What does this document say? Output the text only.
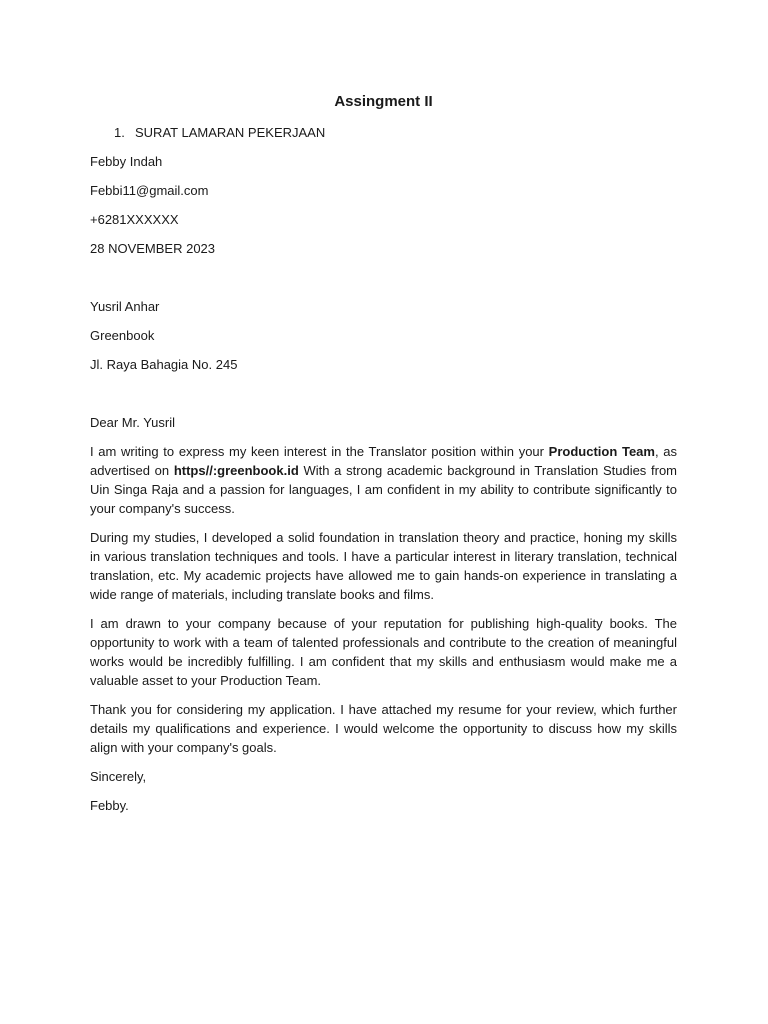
Assingment II
1. SURAT LAMARAN PEKERJAAN
Febby Indah
Febbi11@gmail.com
+6281XXXXXX
28 NOVEMBER 2023
Yusril Anhar
Greenbook
Jl. Raya Bahagia No. 245
Dear Mr. Yusril
I am writing to express my keen interest in the Translator position within your Production Team, as advertised on https//:greenbook.id With a strong academic background in Translation Studies from Uin Singa Raja and a passion for languages, I am confident in my ability to contribute significantly to your company's success.
During my studies, I developed a solid foundation in translation theory and practice, honing my skills in various translation techniques and tools. I have a particular interest in literary translation, technical translation, etc. My academic projects have allowed me to gain hands-on experience in translating a wide range of materials, including translate books and films.
I am drawn to your company because of your reputation for publishing high-quality books. The opportunity to work with a team of talented professionals and contribute to the creation of meaningful works would be incredibly fulfilling. I am confident that my skills and enthusiasm would make me a valuable asset to your Production Team.
Thank you for considering my application. I have attached my resume for your review, which further details my qualifications and experience. I would welcome the opportunity to discuss how my skills align with your company's goals.
Sincerely,
Febby.
